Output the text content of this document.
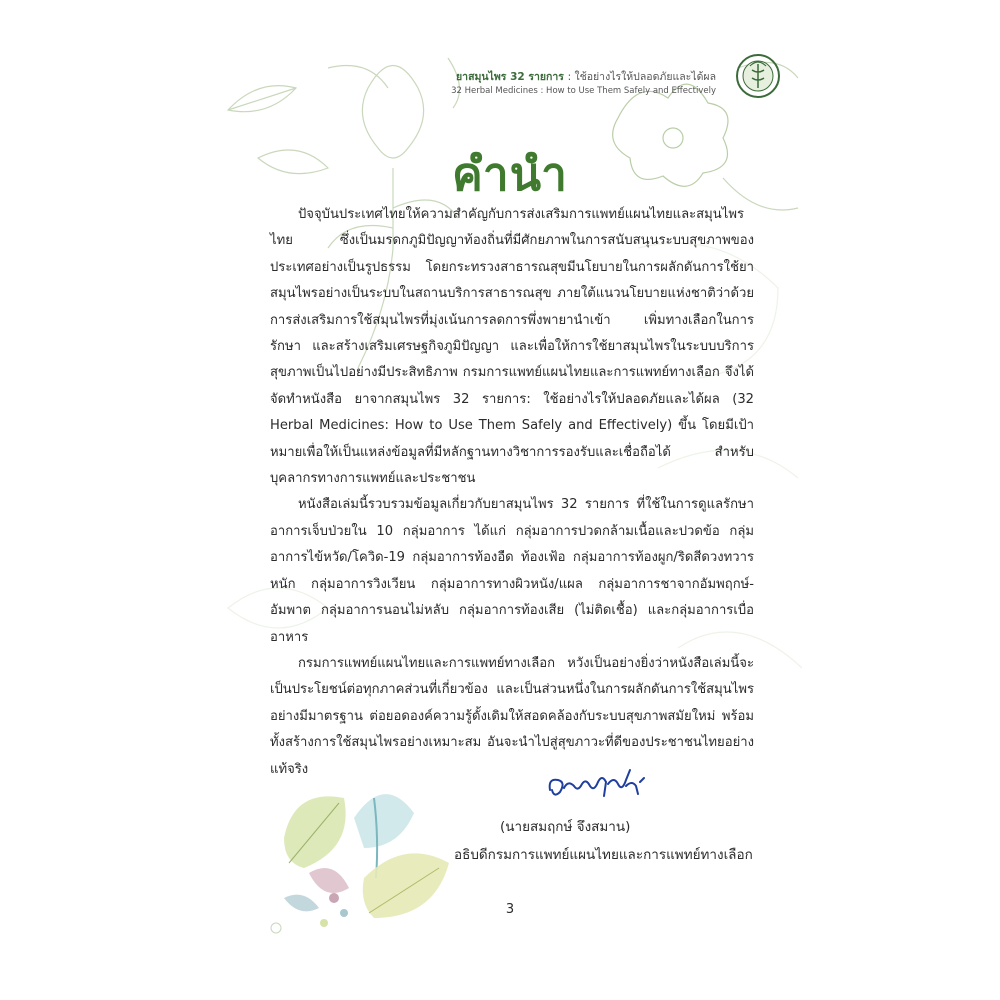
ยาสมุนไพร 32 รายการ : ใช้อย่างไรให้ปลอดภัยและได้ผล
32 Herbal Medicines : How to Use Them Safely and Effectively
คำนำ

ปัจจุบันประเทศไทยให้ความสำคัญกับการส่งเสริมการแพทย์แผนไทยและสมุนไพรไทย ซึ่งเป็นมรดกภูมิปัญญาท้องถิ่นที่มีศักยภาพในการสนับสนุนระบบสุขภาพของประเทศอย่างเป็นรูปธรรม โดยกระทรวงสาธารณสุขมีนโยบายในการผลักดันการใช้ยาสมุนไพรอย่างเป็นระบบในสถานบริการสาธารณสุข ภายใต้แนวนโยบายแห่งชาติว่าด้วยการส่งเสริมการใช้สมุนไพรที่มุ่งเน้นการลดการพึ่งพายานำเข้า เพิ่มทางเลือกในการรักษา และสร้างเสริมเศรษฐกิจภูมิปัญญา และเพื่อให้การใช้ยาสมุนไพรในระบบบริการสุขภาพเป็นไปอย่างมีประสิทธิภาพ กรมการแพทย์แผนไทยและการแพทย์ทางเลือก จึงได้จัดทำหนังสือ ยาจากสมุนไพร 32 รายการ: ใช้อย่างไรให้ปลอดภัยและได้ผล (32 Herbal Medicines: How to Use Them Safely and Effectively) ขึ้น โดยมีเป้าหมายเพื่อให้เป็นแหล่งข้อมูลที่มีหลักฐานทางวิชาการรองรับและเชื่อถือได้ สำหรับบุคลากรทางการแพทย์และประชาชน

หนังสือเล่มนี้รวบรวมข้อมูลเกี่ยวกับยาสมุนไพร 32 รายการ ที่ใช้ในการดูแลรักษาอาการเจ็บป่วยใน 10 กลุ่มอาการ ได้แก่ กลุ่มอาการปวดกล้ามเนื้อและปวดข้อ กลุ่มอาการไข้หวัด/โควิด-19 กลุ่มอาการท้องอืด ท้องเฟ้อ กลุ่มอาการท้องผูก/ริดสีดวงทวารหนัก กลุ่มอาการวิงเวียน กลุ่มอาการทางผิวหนัง/แผล กลุ่มอาการชาจากอัมพฤกษ์-อัมพาต กลุ่มอาการนอนไม่หลับ กลุ่มอาการท้องเสีย (ไม่ติดเชื้อ) และกลุ่มอาการเบื่ออาหาร

กรมการแพทย์แผนไทยและการแพทย์ทางเลือก หวังเป็นอย่างยิ่งว่าหนังสือเล่มนี้จะเป็นประโยชน์ต่อทุกภาคส่วนที่เกี่ยวข้อง และเป็นส่วนหนึ่งในการผลักดันการใช้สมุนไพรอย่างมีมาตรฐาน ต่อยอดองค์ความรู้ดั้งเดิมให้สอดคล้องกับระบบสุขภาพสมัยใหม่ พร้อมทั้งสร้างการใช้สมุนไพรอย่างเหมาะสม อันจะนำไปสู่สุขภาวะที่ดีของประชาชนไทยอย่างแท้จริง

(นายสมฤกษ์ จึงสมาน)
อธิบดีกรมการแพทย์แผนไทยและการแพทย์ทางเลือก
3
